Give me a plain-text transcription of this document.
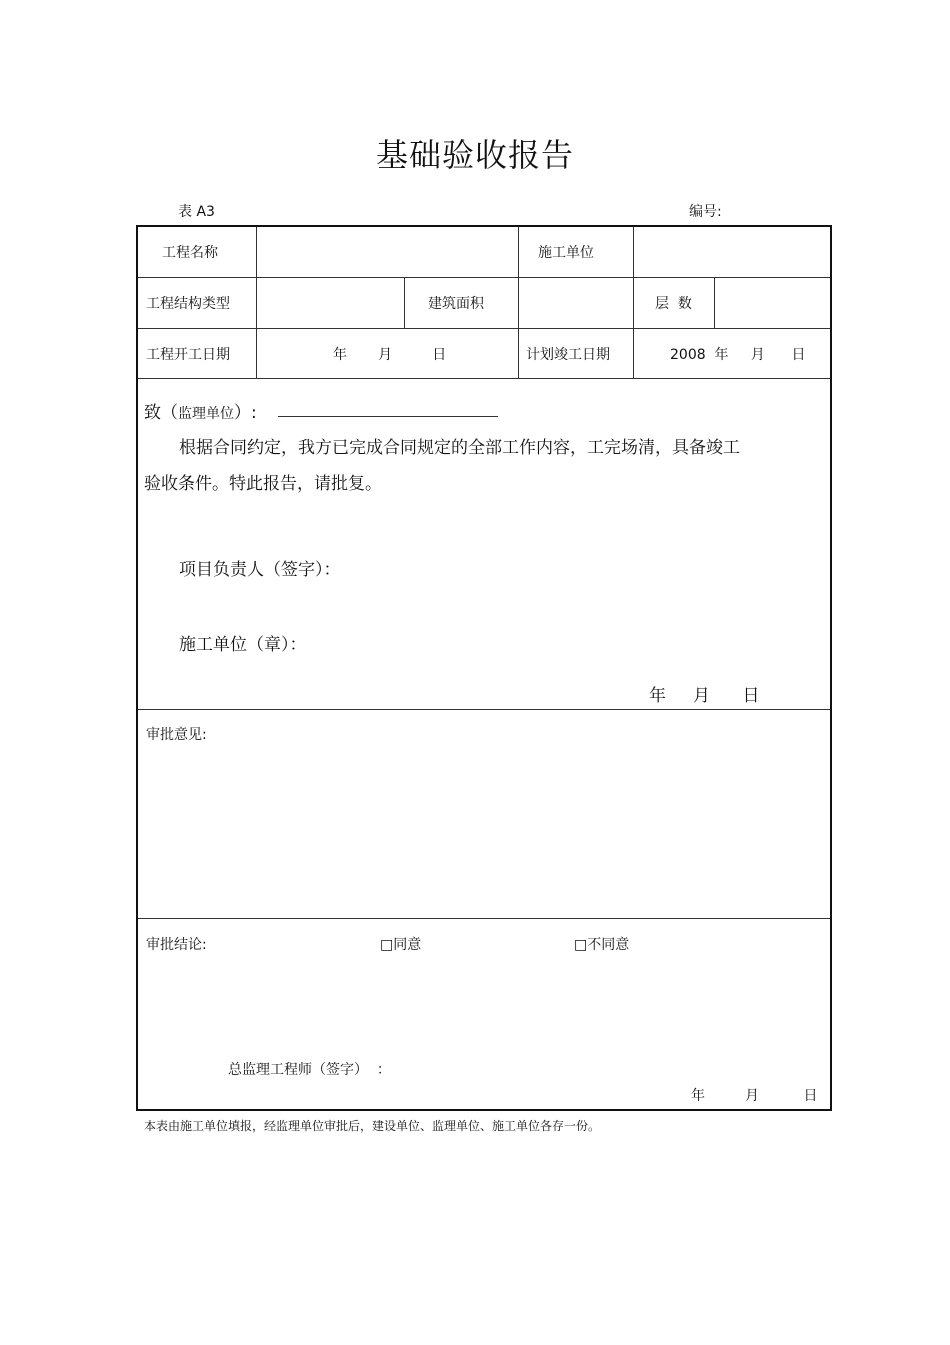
基础验收报告
表 A3	编号:
工程名称	施工单位
工程结构类型	建筑面积	层  数
工程开工日期	年       月         日	计划竣工日期	2008  年     月      日
审批意见:
审批结论:	□同意	□不同意
总监理工程师（签字）  ：
年         月          日
致（监理单位）:
根据合同约定，我方已完成合同规定的全部工作内容，工完场清，具备竣工
验收条件。特此报告，请批复。
项目负责人（签字）：
施工单位（章）：
年     月      日
本表由施工单位填报，经监理单位审批后，建设单位、监理单位、施工单位各存一份。
